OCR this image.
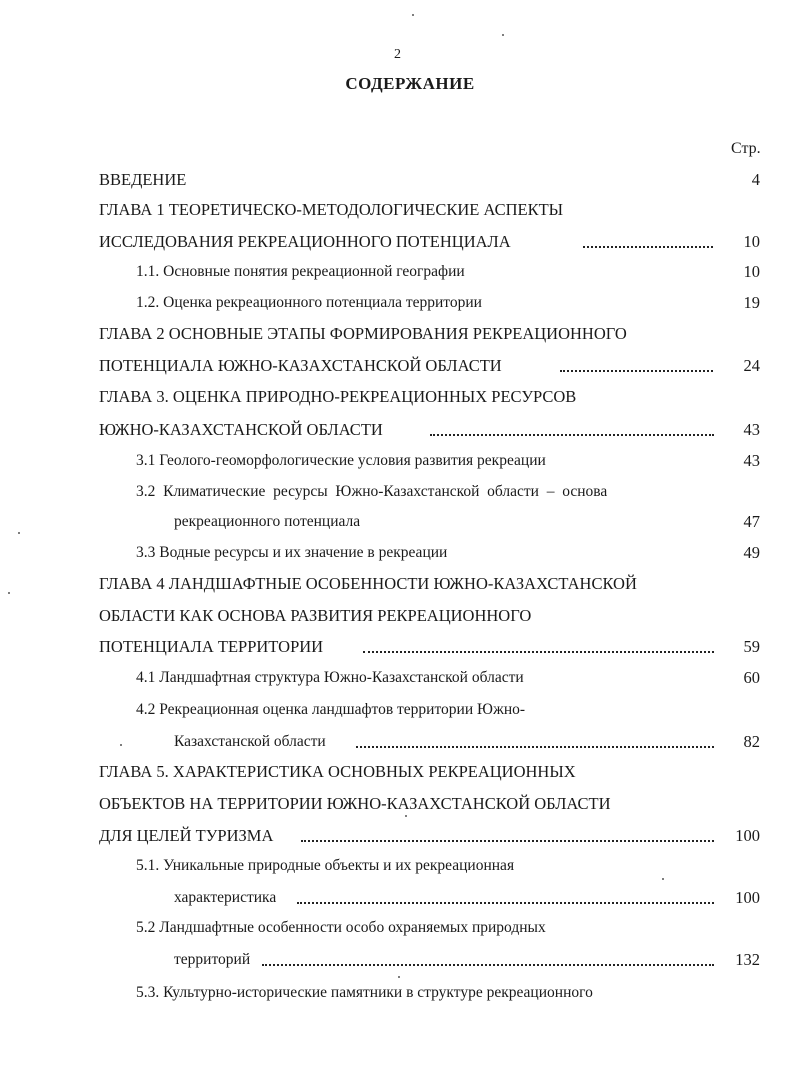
2
СОДЕРЖАНИЕ
Стр.
ВВЕДЕНИЕ	4
ГЛАВА 1 ТЕОРЕТИЧЕСКО-МЕТОДОЛОГИЧЕСКИЕ АСПЕКТЫ
ИССЛЕДОВАНИЯ РЕКРЕАЦИОННОГО ПОТЕНЦИАЛА	10
1.1. Основные понятия рекреационной географии	10
1.2. Оценка рекреационного потенциала территории	19
ГЛАВА 2 ОСНОВНЫЕ ЭТАПЫ ФОРМИРОВАНИЯ РЕКРЕАЦИОННОГО
ПОТЕНЦИАЛА ЮЖНО-КАЗАХСТАНСКОЙ ОБЛАСТИ	24
ГЛАВА 3. ОЦЕНКА ПРИРОДНО-РЕКРЕАЦИОННЫХ РЕСУРСОВ
ЮЖНО-КАЗАХСТАНСКОЙ ОБЛАСТИ	43
3.1 Геолого-геоморфологические условия развития рекреации	43
3.2  Климатические  ресурсы  Южно-Казахстанской  области  –  основа
рекреационного потенциала	47
3.3 Водные ресурсы и их значение в рекреации	49
ГЛАВА 4 ЛАНДШАФТНЫЕ ОСОБЕННОСТИ ЮЖНО-КАЗАХСТАНСКОЙ
ОБЛАСТИ КАК ОСНОВА РАЗВИТИЯ РЕКРЕАЦИОННОГО
ПОТЕНЦИАЛА ТЕРРИТОРИИ	59
4.1 Ландшафтная структура Южно-Казахстанской области	60
4.2 Рекреационная оценка ландшафтов территории Южно-
Казахстанской области	82
ГЛАВА 5. ХАРАКТЕРИСТИКА ОСНОВНЫХ РЕКРЕАЦИОННЫХ
ОБЪЕКТОВ НА ТЕРРИТОРИИ ЮЖНО-КАЗАХСТАНСКОЙ ОБЛАСТИ
ДЛЯ ЦЕЛЕЙ ТУРИЗМА	100
5.1. Уникальные природные объекты и их рекреационная
характеристика	100
5.2 Ландшафтные особенности особо охраняемых природных
территорий	132
5.3. Культурно-исторические памятники в структуре рекреационного
